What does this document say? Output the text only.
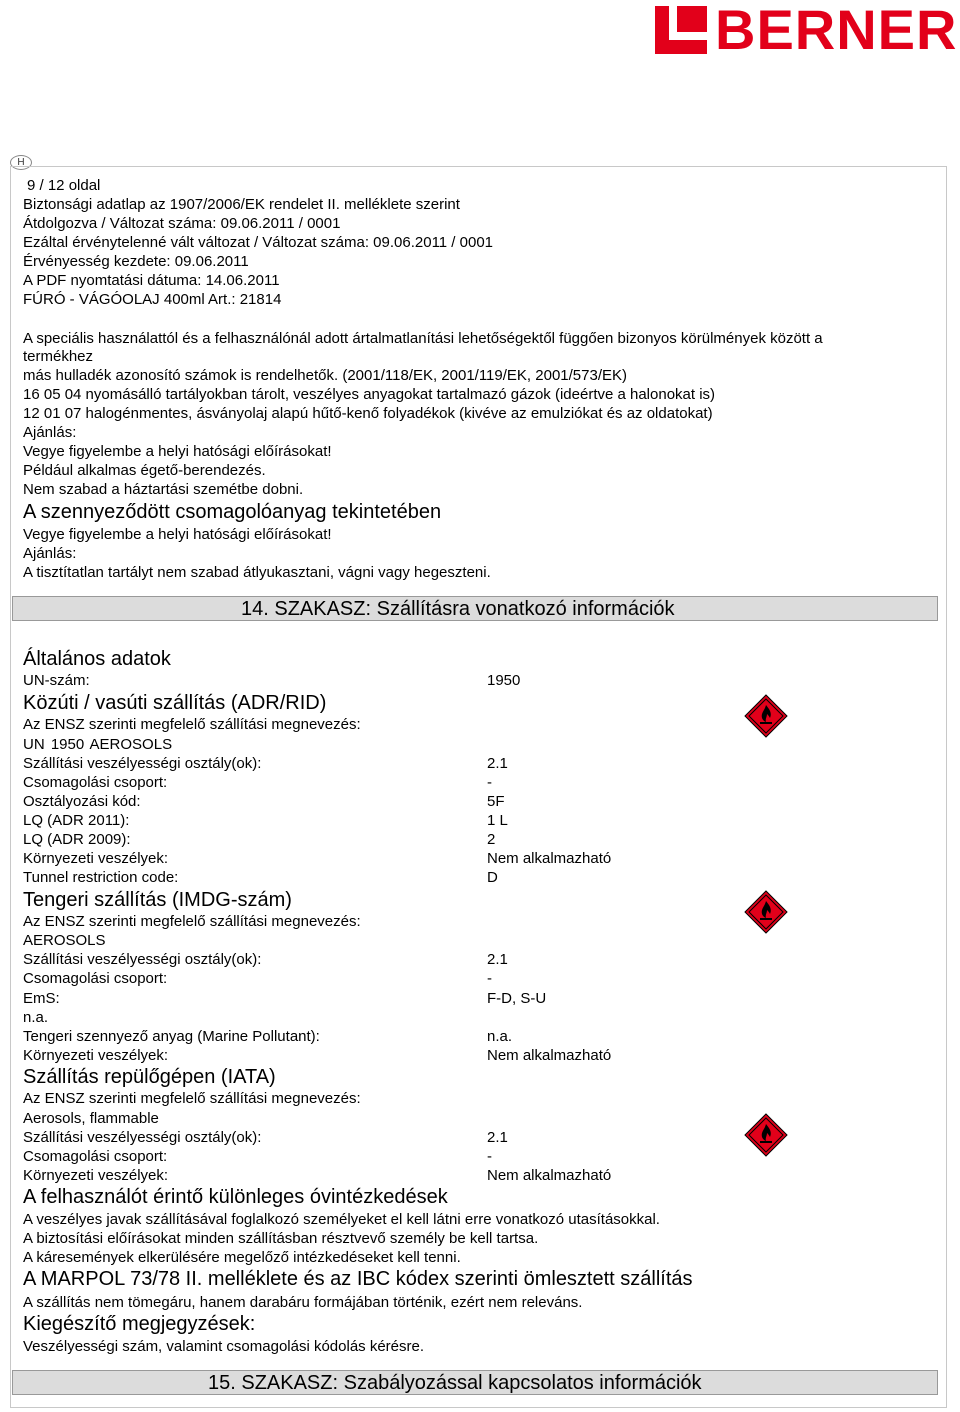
BERNER
H
9 / 12 oldal
Biztonsági adatlap az 1907/2006/EK rendelet II. melléklete szerint
Átdolgozva / Változat száma: 09.06.2011 / 0001
Ezáltal érvénytelenné vált változat / Változat száma: 09.06.2011 / 0001
Érvényesség kezdete: 09.06.2011
A PDF nyomtatási dátuma: 14.06.2011
FÚRÓ - VÁGÓOLAJ 400ml Art.: 21814
A speciális használattól és a felhasználónál adott ártalmatlanítási lehetőségektől függően bizonyos körülmények között a
termékhez
más hulladék azonosító számok is rendelhetők. (2001/118/EK, 2001/119/EK, 2001/573/EK)
16 05 04 nyomásálló tartályokban tárolt, veszélyes anyagokat tartalmazó gázok (ideértve a halonokat is)
12 01 07 halogénmentes, ásványolaj alapú hűtő-kenő folyadékok (kivéve az emulziókat és az oldatokat)
Ajánlás:
Vegye figyelembe a helyi hatósági előírásokat!
Például alkalmas égető-berendezés.
Nem szabad a háztartási szemétbe dobni.
A szennyeződött csomagolóanyag tekintetében
Vegye figyelembe a helyi hatósági előírásokat!
Ajánlás:
A tisztítatlan tartályt nem szabad átlyukasztani, vágni vagy hegeszteni.
14. SZAKASZ: Szállításra vonatkozó információk
Általános adatok
UN-szám:	1950
Közúti / vasúti szállítás (ADR/RID)
Az ENSZ szerinti megfelelő szállítási megnevezés:
UN 1950 AEROSOLS
Szállítási veszélyességi osztály(ok):	2.1
Csomagolási csoport:	-
Osztályozási kód:	5F
LQ (ADR 2011):	1 L
LQ (ADR 2009):	2
Környezeti veszélyek:	Nem alkalmazható
Tunnel restriction code:	D
Tengeri szállítás (IMDG-szám)
Az ENSZ szerinti megfelelő szállítási megnevezés:
AEROSOLS
Szállítási veszélyességi osztály(ok):	2.1
Csomagolási csoport:	-
EmS:	F-D, S-U
n.a.
Tengeri szennyező anyag (Marine Pollutant):	n.a.
Környezeti veszélyek:	Nem alkalmazható
Szállítás repülőgépen (IATA)
Az ENSZ szerinti megfelelő szállítási megnevezés:
Aerosols, flammable
Szállítási veszélyességi osztály(ok):	2.1
Csomagolási csoport:	-
Környezeti veszélyek:	Nem alkalmazható
A felhasználót érintő különleges óvintézkedések
A veszélyes javak szállításával foglalkozó személyeket el kell látni erre vonatkozó utasításokkal.
A biztosítási előírásokat minden szállításban résztvevő személy be kell tartsa.
A káresemények elkerülésére megelőző intézkedéseket kell tenni.
A MARPOL 73/78 II. melléklete és az IBC kódex szerinti ömlesztett szállítás
A szállítás nem tömegáru, hanem darabáru formájában történik, ezért nem releváns.
Kiegészítő megjegyzések:
Veszélyességi szám, valamint csomagolási kódolás kérésre.
15. SZAKASZ: Szabályozással kapcsolatos információk
